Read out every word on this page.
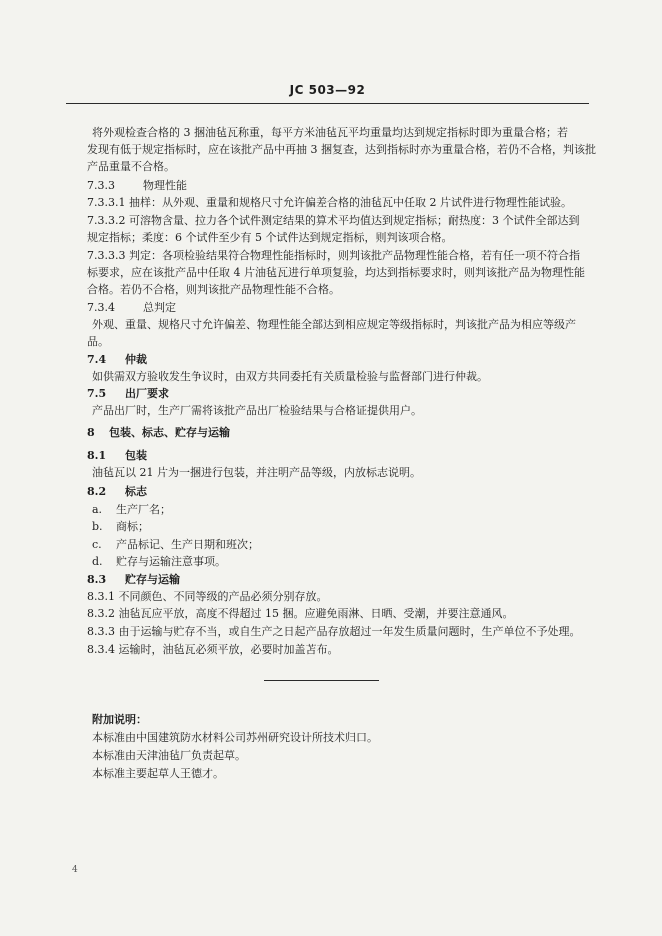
JC 503—92
将外观检查合格的 3 捆油毡瓦称重，每平方米油毡瓦平均重量均达到规定指标时即为重量合格；若
发现有低于规定指标时，应在该批产品中再抽 3 捆复查，达到指标时亦为重量合格，若仍不合格，判该批
产品重量不合格。
7.3.3	物理性能
7.3.3.1 抽样：从外观、重量和规格尺寸允许偏差合格的油毡瓦中任取 2 片试件进行物理性能试验。
7.3.3.2 可溶物含量、拉力各个试件测定结果的算术平均值达到规定指标；耐热度：3 个试件全部达到
规定指标；柔度：6 个试件至少有 5 个试件达到规定指标，则判该项合格。
7.3.3.3 判定：各项检验结果符合物理性能指标时，则判该批产品物理性能合格，若有任一项不符合指
标要求，应在该批产品中任取 4 片油毡瓦进行单项复验，均达到指标要求时，则判该批产品为物理性能
合格。若仍不合格，则判该批产品物理性能不合格。
7.3.4	总判定
外观、重量、规格尺寸允许偏差、物理性能全部达到相应规定等级指标时，判该批产品为相应等级产
品。
7.4 仲裁
如供需双方验收发生争议时，由双方共同委托有关质量检验与监督部门进行仲裁。
7.5 出厂要求
产品出厂时，生产厂需将该批产品出厂检验结果与合格证提供用户。
8 包装、标志、贮存与运输
8.1 包装
油毡瓦以 21 片为一捆进行包装，并注明产品等级，内放标志说明。
8.2 标志
a. 生产厂名；
b. 商标；
c. 产品标记、生产日期和班次；
d. 贮存与运输注意事项。
8.3 贮存与运输
8.3.1 不同颜色、不同等级的产品必须分别存放。
8.3.2 油毡瓦应平放，高度不得超过 15 捆。应避免雨淋、日晒、受潮，并要注意通风。
8.3.3 由于运输与贮存不当，或自生产之日起产品存放超过一年发生质量问题时，生产单位不予处理。
8.3.4 运输时，油毡瓦必须平放，必要时加盖苫布。
附加说明：
本标准由中国建筑防水材料公司苏州研究设计所技术归口。
本标准由天津油毡厂负责起草。
本标准主要起草人王德才。
4
